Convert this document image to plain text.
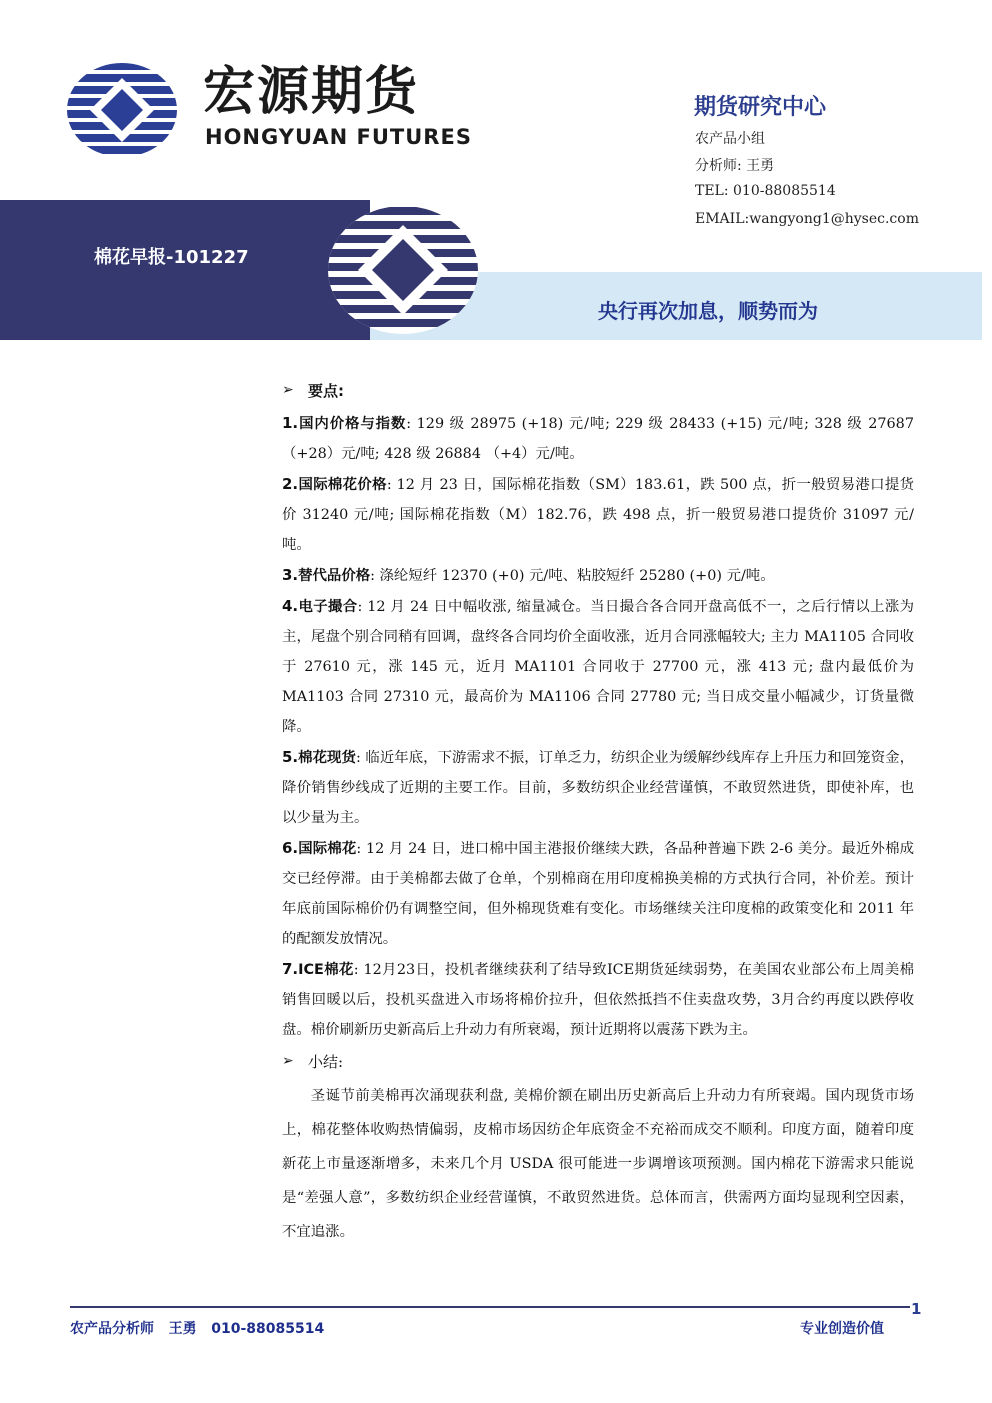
宏源期货
HONGYUAN FUTURES
期货研究中心
农产品小组
分析师: 王勇
TEL: 010-88085514
EMAIL:wangyong1@hysec.com
棉花早报-101227
央行再次加息，顺势而为
➢ 要点:

1.国内价格与指数: 129 级 28975 (+18) 元/吨; 229 级 28433 (+15) 元/吨; 328 级 27687 （+28）元/吨; 428 级 26884 （+4）元/吨。

2.国际棉花价格: 12 月 23 日，国际棉花指数（SM）183.61，跌 500 点，折一般贸易港口提货价 31240 元/吨; 国际棉花指数（M）182.76，跌 498 点，折一般贸易港口提货价 31097 元/吨。

3.替代品价格: 涤纶短纤 12370 (+0) 元/吨、粘胶短纤 25280 (+0) 元/吨。

4.电子撮合: 12 月 24 日中幅收涨, 缩量减仓。当日撮合各合同开盘高低不一，之后行情以上涨为主，尾盘个别合同稍有回调，盘终各合同均价全面收涨，近月合同涨幅较大; 主力 MA1105 合同收于 27610 元，涨 145 元，近月 MA1101 合同收于 27700 元，涨 413 元; 盘内最低价为 MA1103 合同 27310 元，最高价为 MA1106 合同 27780 元; 当日成交量小幅减少，订货量微降。

5.棉花现货: 临近年底，下游需求不振，订单乏力，纺织企业为缓解纱线库存上升压力和回笼资金，降价销售纱线成了近期的主要工作。目前，多数纺织企业经营谨慎，不敢贸然进货，即使补库，也以少量为主。

6.国际棉花: 12 月 24 日，进口棉中国主港报价继续大跌，各品种普遍下跌 2-6 美分。最近外棉成交已经停滞。由于美棉都去做了仓单，个别棉商在用印度棉换美棉的方式执行合同，补价差。预计年底前国际棉价仍有调整空间，但外棉现货难有变化。市场继续关注印度棉的政策变化和 2011 年的配额发放情况。

7.ICE棉花: 12月23日，投机者继续获利了结导致ICE期货延续弱势，在美国农业部公布上周美棉销售回暖以后，投机买盘进入市场将棉价拉升，但依然抵挡不住卖盘攻势，3月合约再度以跌停收盘。棉价刷新历史新高后上升动力有所衰竭，预计近期将以震荡下跌为主。

➢ 小结:

圣诞节前美棉再次涌现获利盘, 美棉价额在刷出历史新高后上升动力有所衰竭。国内现货市场上，棉花整体收购热情偏弱，皮棉市场因纺企年底资金不充裕而成交不顺利。印度方面，随着印度新花上市量逐渐增多，未来几个月 USDA 很可能进一步调增该项预测。国内棉花下游需求只能说是“差强人意”，多数纺织企业经营谨慎，不敢贸然进货。总体而言，供需两方面均显现利空因素，不宜追涨。

1
农产品分析师   王勇   010-88085514	专业创造价值
